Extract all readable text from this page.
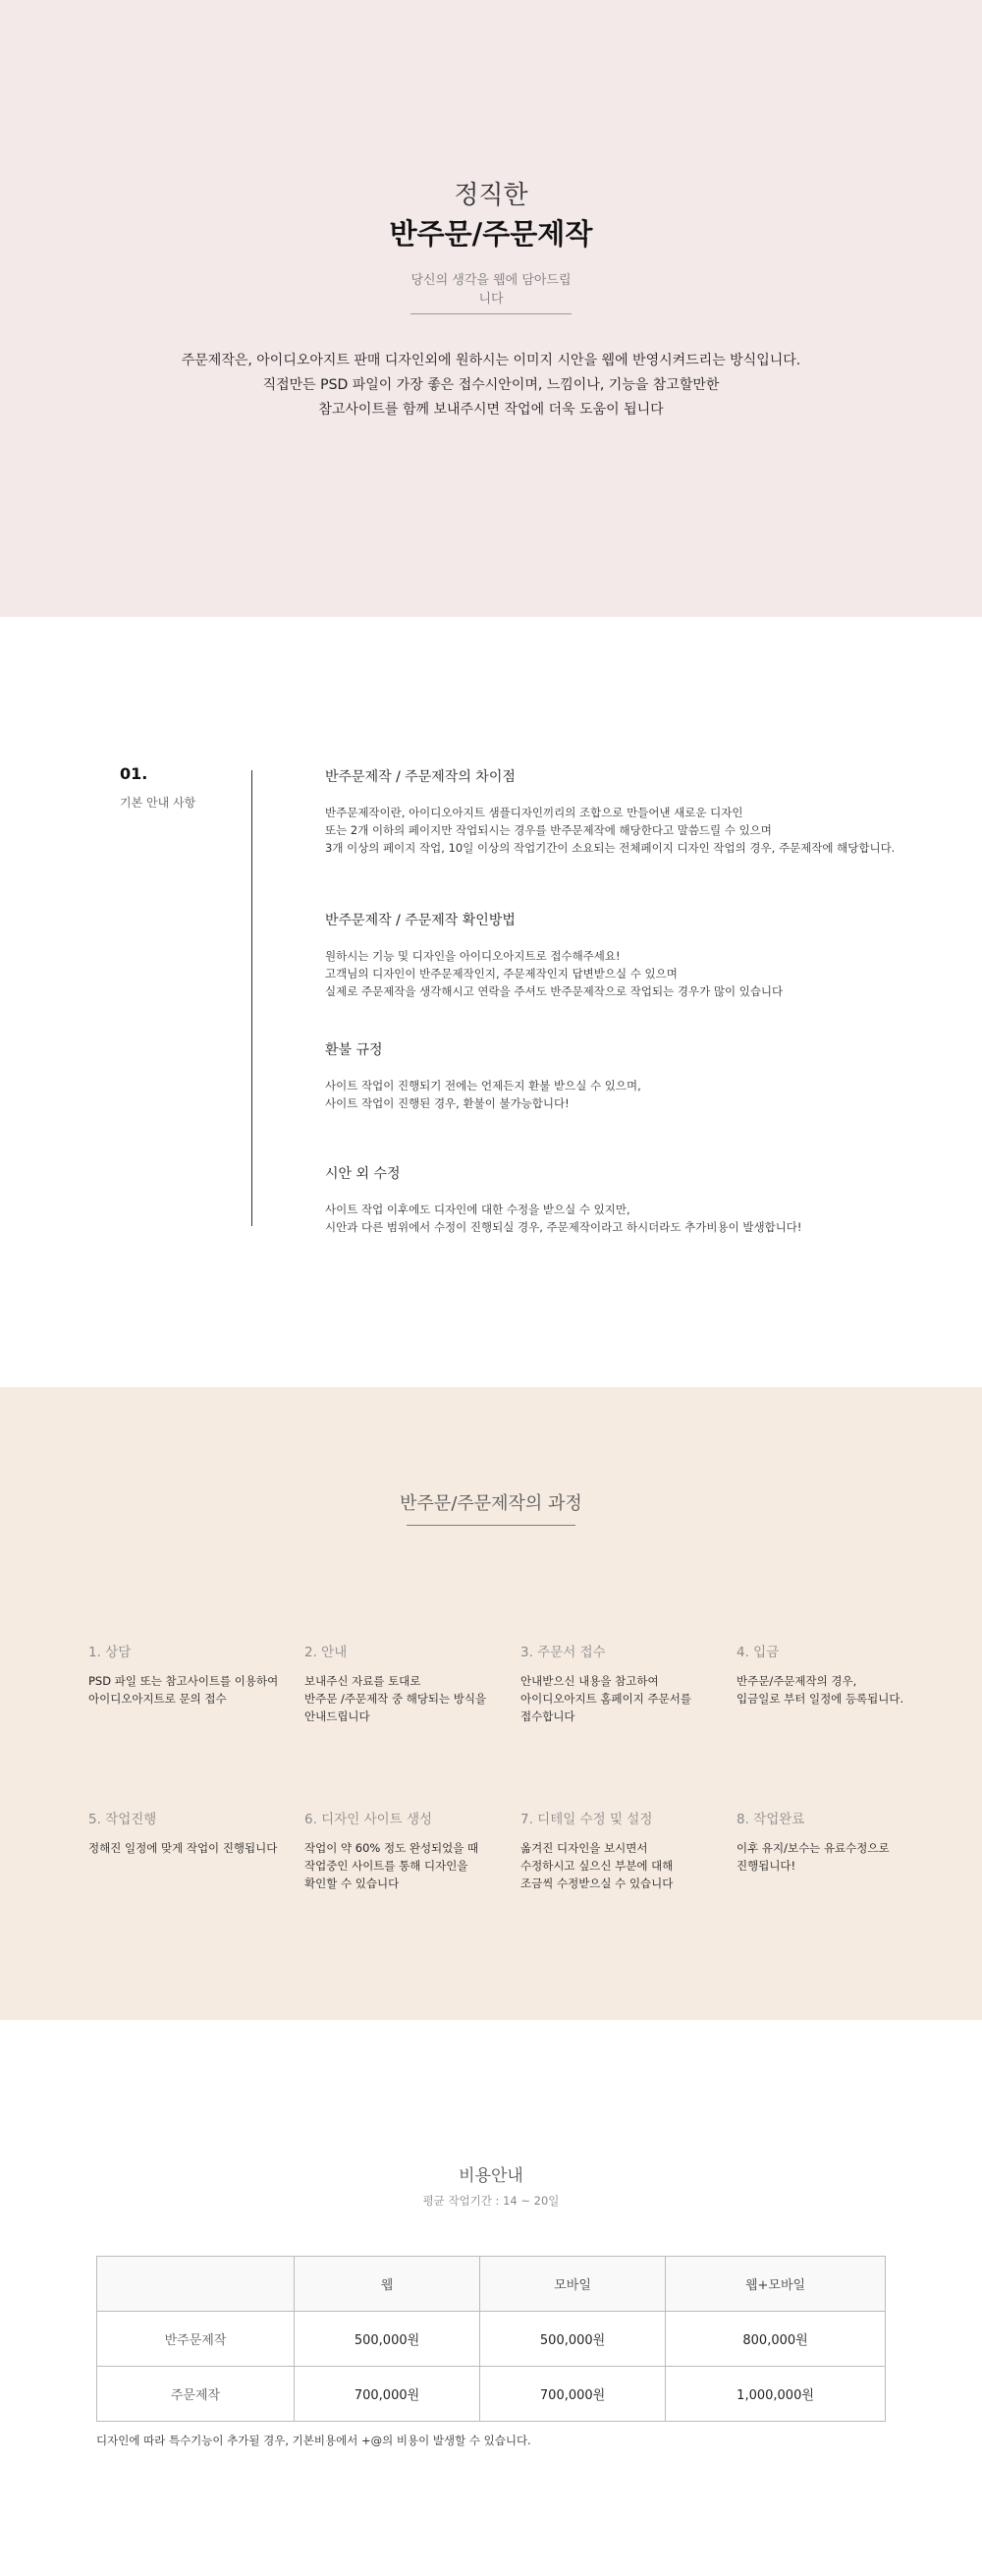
정직한
반주문/주문제작
당신의 생각을 웹에 담아드립니다
주문제작은, 아이디오아지트 판매 디자인외에 원하시는 이미지 시안을 웹에 반영시켜드리는 방식입니다.
직접만든 PSD 파일이 가장 좋은 접수시안이며, 느낌이나, 기능을 참고할만한
참고사이트를 함께 보내주시면 작업에 더욱 도움이 됩니다
01.
기본 안내 사항
반주문제작 / 주문제작의 차이점
반주문제작이란, 아이디오아지트 샘플디자인끼리의 조합으로 만들어낸 새로운 디자인
또는 2개 이하의 페이지만 작업되시는 경우를 반주문제작에 해당한다고 말씀드릴 수 있으며
3개 이상의 페이지 작업, 10일 이상의 작업기간이 소요되는 전체페이지 디자인 작업의 경우, 주문제작에 해당합니다.
반주문제작 / 주문제작 확인방법
원하시는 기능 및 디자인을 아이디오아지트로 접수해주세요!
고객님의 디자인이 반주문제작인지, 주문제작인지 답변받으실 수 있으며
실제로 주문제작을 생각해시고 연락을 주셔도 반주문제작으로 작업되는 경우가 많이 있습니다
환불 규정
사이트 작업이 진행되기 전에는 언제든지 환불 받으실 수 있으며,
사이트 작업이 진행된 경우, 환불이 불가능합니다!
시안 외 수정
사이트 작업 이후에도 디자인에 대한 수정을 받으실 수 있지만,
시안과 다른 범위에서 수정이 진행되실 경우, 주문제작이라고 하시더라도 추가비용이 발생합니다!
반주문/주문제작의 과정
1. 상담
PSD 파일 또는 참고사이트를 이용하여
아이디오아지트로 문의 접수
2. 안내
보내주신 자료를 토대로
반주문 /주문제작 중 해당되는 방식을
안내드립니다
3. 주문서 접수
안내받으신 내용을 참고하여
아이디오아지트 홈페이지 주문서를
접수합니다
4. 입금
반주문/주문제작의 경우,
입금일로 부터 일정에 등록됩니다.
5. 작업진행
정해진 일정에 맞게 작업이 진행됩니다
6. 디자인 사이트 생성
작업이 약 60% 정도 완성되었을 때
작업중인 사이트를 통해 디자인을
확인할 수 있습니다
7. 디테일 수정 및 설정
옮겨진 디자인을 보시면서
수정하시고 싶으신 부분에 대해
조금씩 수정받으실 수 있습니다
8. 작업완료
이후 유지/보수는 유료수정으로
진행됩니다!
비용안내
평균 작업기간 : 14 ~ 20일
	웹	모바일	웹+모바일
반주문제작	500,000원	500,000원	800,000원
주문제작	700,000원	700,000원	1,000,000원
디자인에 따라 특수기능이 추가될 경우, 기본비용에서 +@의 비용이 발생할 수 있습니다.
